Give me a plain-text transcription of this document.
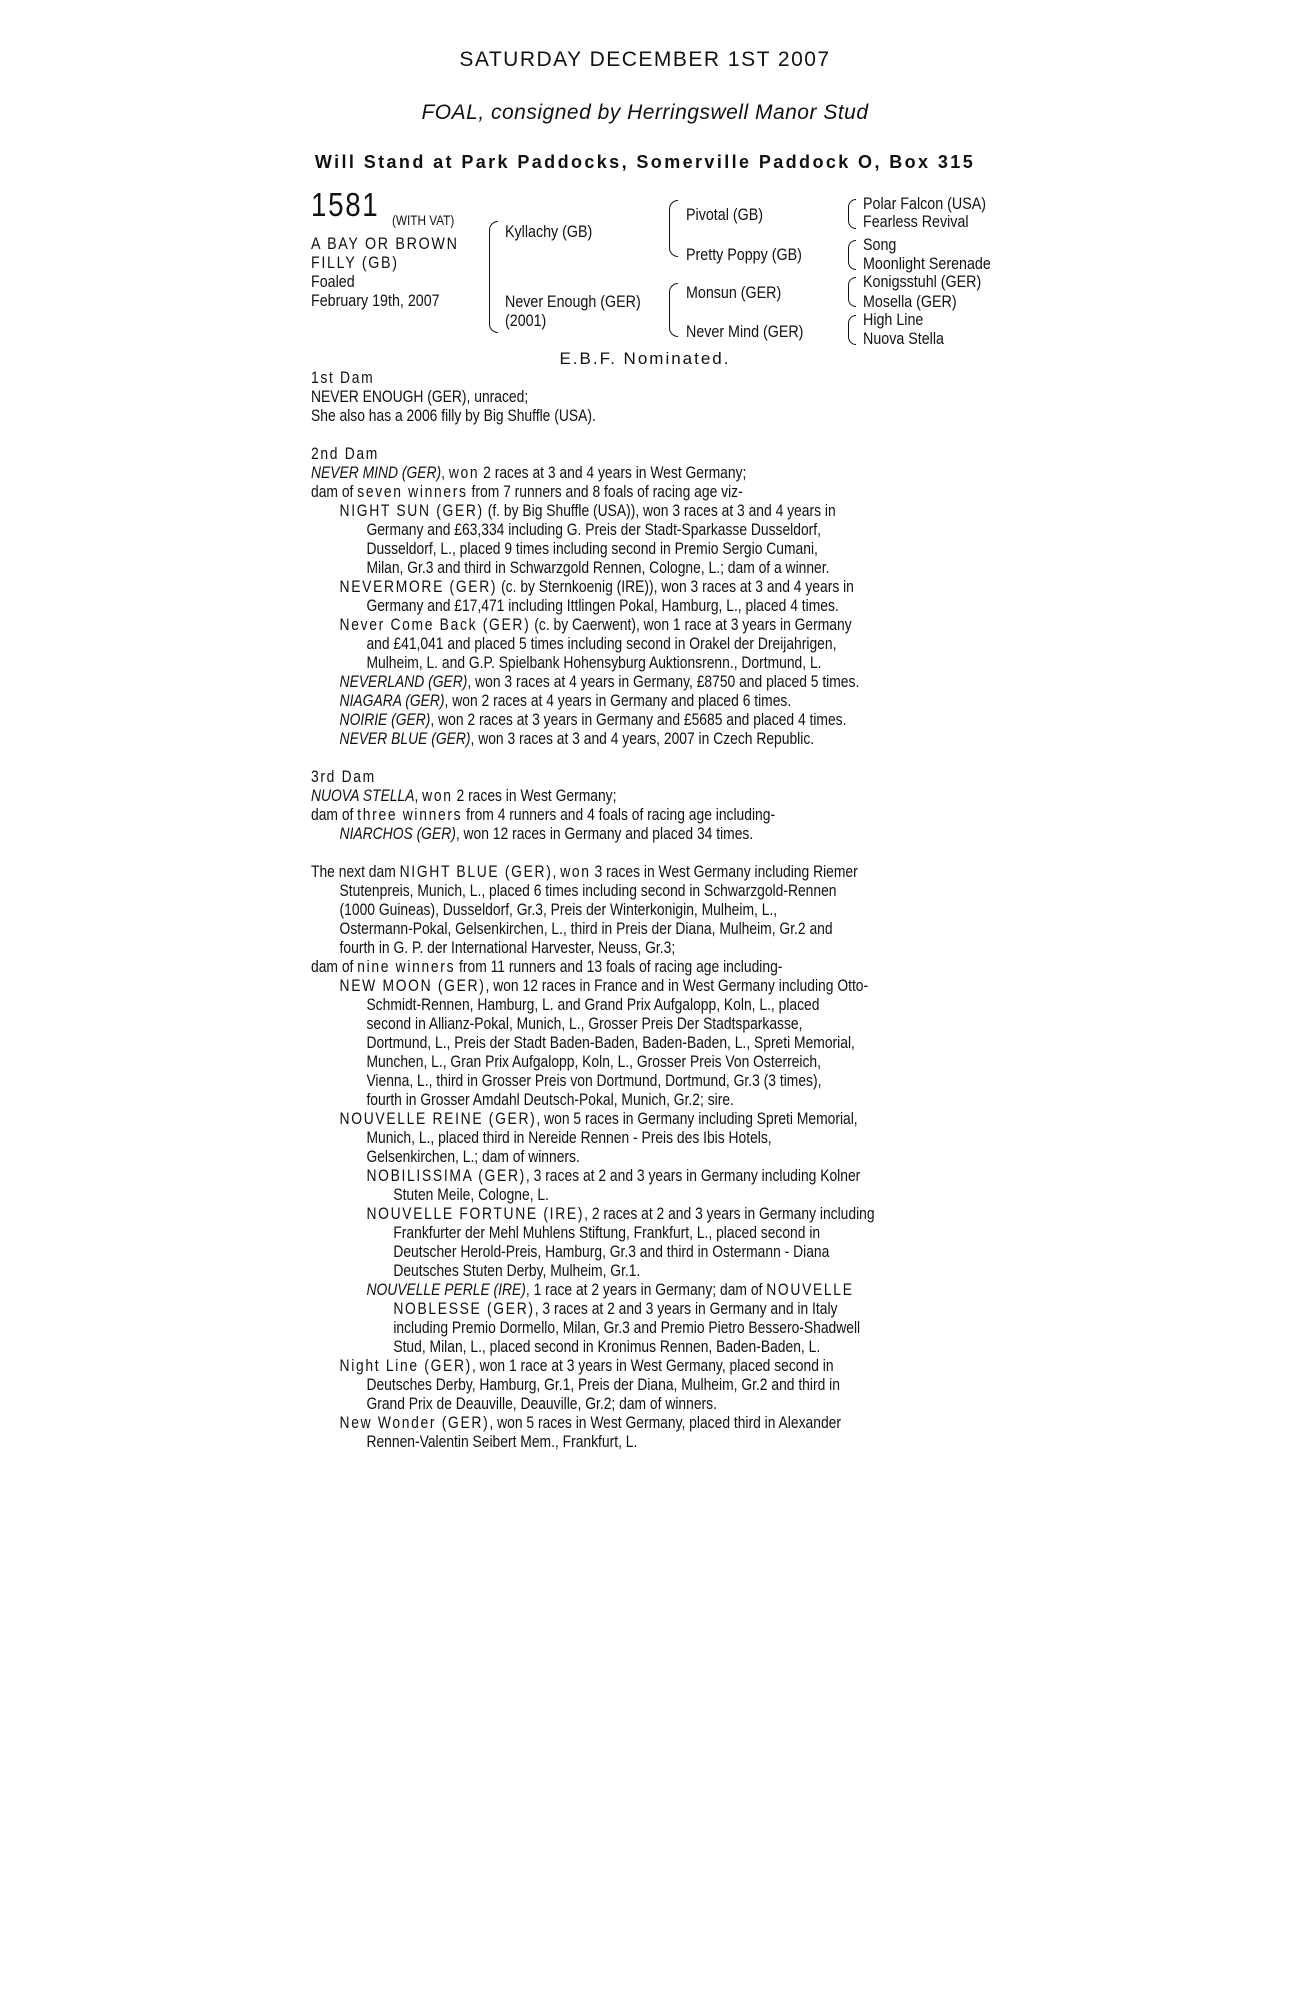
SATURDAY DECEMBER 1ST 2007
FOAL, consigned by Herringswell Manor Stud
Will Stand at Park Paddocks, Somerville Paddock O, Box 315
1581 (WITH VAT)
A BAY OR BROWN
FILLY (GB)
Foaled
February 19th, 2007
Kyllachy (GB)
Never Enough (GER)
(2001)
Pivotal (GB)
Pretty Poppy (GB)
Monsun (GER)
Never Mind (GER)
Polar Falcon (USA)
Fearless Revival
Song
Moonlight Serenade
Konigsstuhl (GER)
Mosella (GER)
High Line
Nuova Stella
E.B.F. Nominated.

1st Dam

NEVER ENOUGH (GER), unraced;

She also has a 2006 filly by Big Shuffle (USA).

2nd Dam

NEVER MIND (GER), won 2 races at 3 and 4 years in West Germany;

dam of seven winners from 7 runners and 8 foals of racing age viz-

NIGHT SUN (GER) (f. by Big Shuffle (USA)), won 3 races at 3 and 4 years in

Germany and £63,334 including G. Preis der Stadt-Sparkasse Dusseldorf,

Dusseldorf, L., placed 9 times including second in Premio Sergio Cumani,

Milan, Gr.3 and third in Schwarzgold Rennen, Cologne, L.; dam of a winner.

NEVERMORE (GER) (c. by Sternkoenig (IRE)), won 3 races at 3 and 4 years in

Germany and £17,471 including Ittlingen Pokal, Hamburg, L., placed 4 times.

Never Come Back (GER) (c. by Caerwent), won 1 race at 3 years in Germany

and £41,041 and placed 5 times including second in Orakel der Dreijahrigen,

Mulheim, L. and G.P. Spielbank Hohensyburg Auktionsrenn., Dortmund, L.

NEVERLAND (GER), won 3 races at 4 years in Germany, £8750 and placed 5 times.

NIAGARA (GER), won 2 races at 4 years in Germany and placed 6 times.

NOIRIE (GER), won 2 races at 3 years in Germany and £5685 and placed 4 times.

NEVER BLUE (GER), won 3 races at 3 and 4 years, 2007 in Czech Republic.

3rd Dam

NUOVA STELLA, won 2 races in West Germany;

dam of three winners from 4 runners and 4 foals of racing age including-

NIARCHOS (GER), won 12 races in Germany and placed 34 times.

The next dam NIGHT BLUE (GER), won 3 races in West Germany including Riemer

Stutenpreis, Munich, L., placed 6 times including second in Schwarzgold-Rennen

(1000 Guineas), Dusseldorf, Gr.3, Preis der Winterkonigin, Mulheim, L.,

Ostermann-Pokal, Gelsenkirchen, L., third in Preis der Diana, Mulheim, Gr.2 and

fourth in G. P. der International Harvester, Neuss, Gr.3;

dam of nine winners from 11 runners and 13 foals of racing age including-

NEW MOON (GER), won 12 races in France and in West Germany including Otto-

Schmidt-Rennen, Hamburg, L. and Grand Prix Aufgalopp, Koln, L., placed

second in Allianz-Pokal, Munich, L., Grosser Preis Der Stadtsparkasse,

Dortmund, L., Preis der Stadt Baden-Baden, Baden-Baden, L., Spreti Memorial,

Munchen, L., Gran Prix Aufgalopp, Koln, L., Grosser Preis Von Osterreich,

Vienna, L., third in Grosser Preis von Dortmund, Dortmund, Gr.3 (3 times),

fourth in Grosser Amdahl Deutsch-Pokal, Munich, Gr.2; sire.

NOUVELLE REINE (GER), won 5 races in Germany including Spreti Memorial,

Munich, L., placed third in Nereide Rennen - Preis des Ibis Hotels,

Gelsenkirchen, L.; dam of winners.

NOBILISSIMA (GER), 3 races at 2 and 3 years in Germany including Kolner

Stuten Meile, Cologne, L.

NOUVELLE FORTUNE (IRE), 2 races at 2 and 3 years in Germany including

Frankfurter der Mehl Muhlens Stiftung, Frankfurt, L., placed second in

Deutscher Herold-Preis, Hamburg, Gr.3 and third in Ostermann - Diana

Deutsches Stuten Derby, Mulheim, Gr.1.

NOUVELLE PERLE (IRE), 1 race at 2 years in Germany; dam of NOUVELLE

NOBLESSE (GER), 3 races at 2 and 3 years in Germany and in Italy

including Premio Dormello, Milan, Gr.3 and Premio Pietro Bessero-Shadwell

Stud, Milan, L., placed second in Kronimus Rennen, Baden-Baden, L.

Night Line (GER), won 1 race at 3 years in West Germany, placed second in

Deutsches Derby, Hamburg, Gr.1, Preis der Diana, Mulheim, Gr.2 and third in

Grand Prix de Deauville, Deauville, Gr.2; dam of winners.

New Wonder (GER), won 5 races in West Germany, placed third in Alexander

Rennen-Valentin Seibert Mem., Frankfurt, L.
